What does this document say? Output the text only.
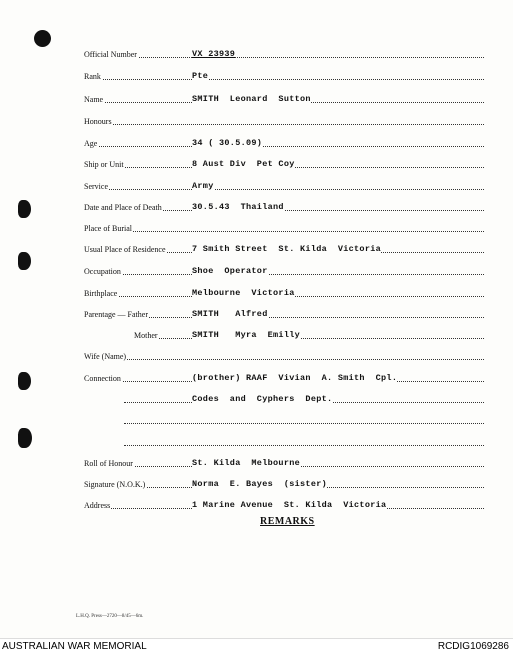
Official Number	VX 23939
Rank	Pte
Name	SMITH  Leonard  Sutton
Honours
Age	34 ( 30.5.09)
Ship or Unit	8 Aust Div  Pet Coy
Service	Army
Date and Place of Death	30.5.43  Thailand
Place of Burial
Usual Place of Residence	7 Smith Street  St. Kilda  Victoria
Occupation	Shoe  Operator
Birthplace	Melbourne  Victoria
Parentage — Father	SMITH   Alfred
Mother	SMITH   Myra  Emilly
Wife (Name)
Connection	(brother) RAAF  Vivian  A. Smith  Cpl.
Codes  and  Cyphers  Dept.
Roll of Honour	St. Kilda  Melbourne
Signature (N.O.K.)	Norma  E. Bayes  (sister)
Address	1 Marine Avenue  St. Kilda  Victoria
REMARKS
L.H.Q. Press—2720—8/45—6m.
AUSTRALIAN WAR MEMORIAL	RCDIG1069286
